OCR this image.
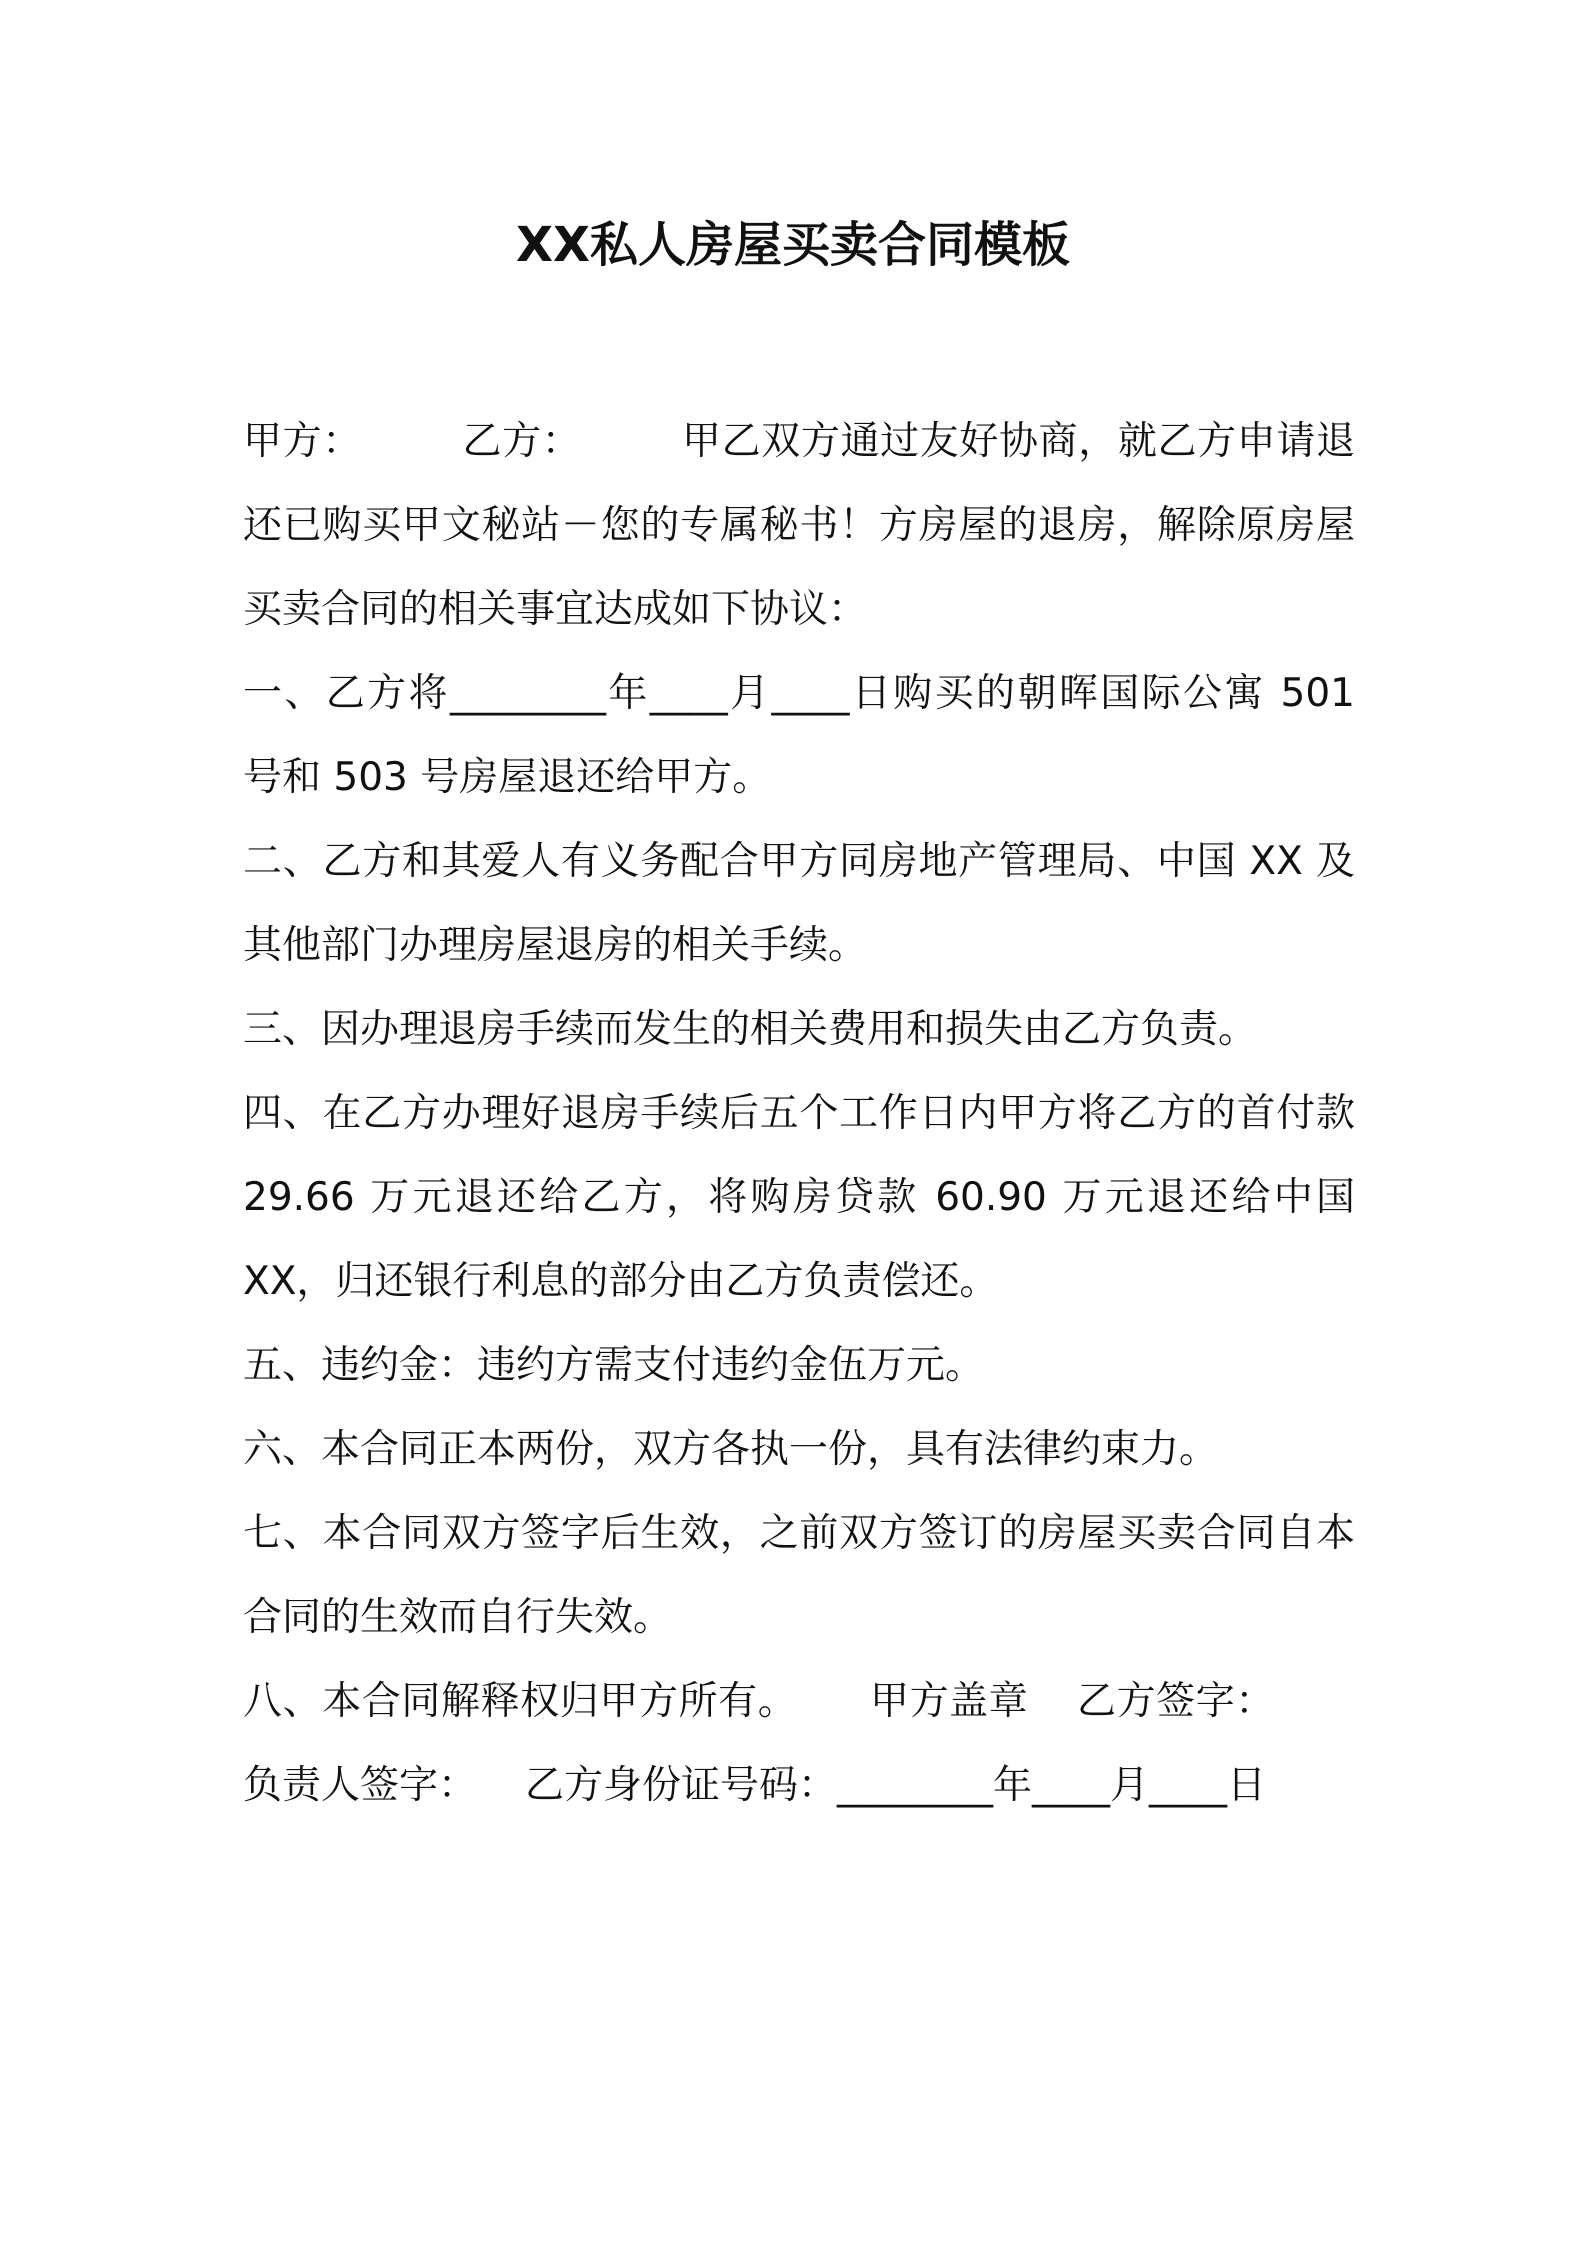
XX私人房屋买卖合同模板

甲方：	乙方：	甲乙双方通过友好协商，就乙方申请退还已购买甲文秘站－您的专属秘书！方房屋的退房，解除原房屋买卖合同的相关事宜达成如下协议：

一、乙方将________年____月____日购买的朝晖国际公寓 501 号和 503 号房屋退还给甲方。

二、乙方和其爱人有义务配合甲方同房地产管理局、中国 XX 及其他部门办理房屋退房的相关手续。

三、因办理退房手续而发生的相关费用和损失由乙方负责。

四、在乙方办理好退房手续后五个工作日内甲方将乙方的首付款 29.66 万元退还给乙方，将购房贷款 60.90 万元退还给中国 XX，归还银行利息的部分由乙方负责偿还。

五、违约金：违约方需支付违约金伍万元。

六、本合同正本两份，双方各执一份，具有法律约束力。

七、本合同双方签字后生效，之前双方签订的房屋买卖合同自本合同的生效而自行失效。

八、本合同解释权归甲方所有。 甲方盖章 乙方签字：负责人签字： 乙方身份证号码：________年____月____日
